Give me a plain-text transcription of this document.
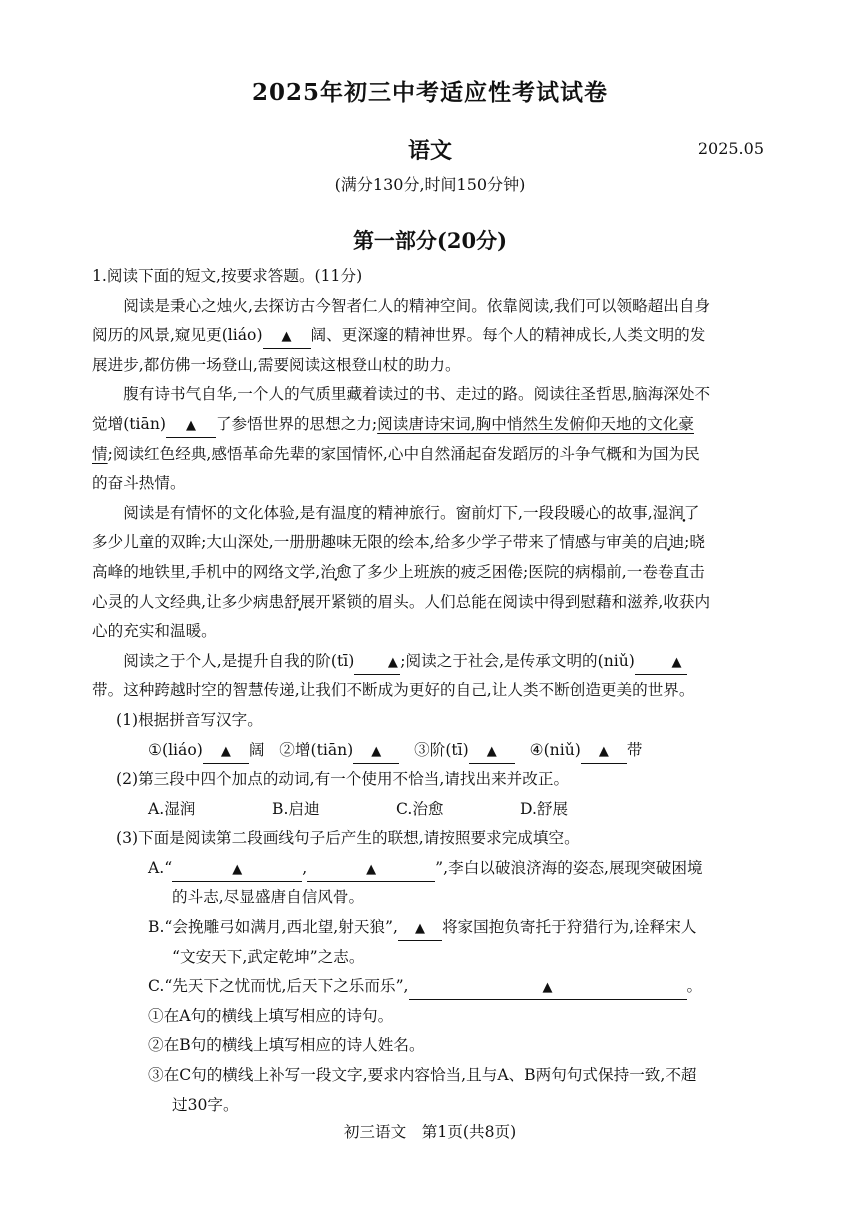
2025年初三中考适应性考试试卷
语文	2025.05
(满分130分,时间150分钟)
第一部分(20分)
1.阅读下面的短文,按要求答题。(11分)
阅读是秉心之烛火,去探访古今智者仁人的精神空间。依靠阅读,我们可以领略超出自身
阅历的风景,窥见更(liáo) ▲ 阔、更深邃的精神世界。每个人的精神成长,人类文明的发
展进步,都仿佛一场登山,需要阅读这根登山杖的助力。
腹有诗书气自华,一个人的气质里藏着读过的书、走过的路。阅读往圣哲思,脑海深处不
觉增(tiān) ▲ 了参悟世界的思想之力;阅读唐诗宋词,胸中悄然生发俯仰天地的文化豪
情;阅读红色经典,感悟革命先辈的家国情怀,心中自然涌起奋发蹈厉的斗争气概和为国为民
的奋斗热情。
阅读是有情怀的文化体验,是有温度的精神旅行。窗前灯下,一段段暖心的故事,湿润了
多少儿童的双眸;大山深处,一册册趣味无限的绘本,给多少学子带来了情感与审美的启迪;晓
高峰的地铁里,手机中的网络文学,治愈了多少上班族的疲乏困倦;医院的病榻前,一卷卷直击
心灵的人文经典,让多少病患舒展开紧锁的眉头。人们总能在阅读中得到慰藉和滋养,收获内
心的充实和温暖。
阅读之于个人,是提升自我的阶(tī)	▲ ;阅读之于社会,是传承文明的(niǔ)	▲
带。这种跨越时空的智慧传递,让我们不断成为更好的自己,让人类不断创造更美的世界。
(1)根据拼音写汉字。
①(liáo) ▲ 阔 ②增(tiān) ▲ ③阶(tī) ▲ ④(niǔ) ▲ 带
(2)第三段中四个加点的动词,有一个使用不恰当,请找出来并改正。
A.湿润	B.启迪	C.治愈	D.舒展
(3)下面是阅读第二段画线句子后产生的联想,请按照要求完成填空。
A.“	▲	,	▲	”,李白以破浪济海的姿态,展现突破困境
的斗志,尽显盛唐自信风骨。
B.“会挽雕弓如满月,西北望,射天狼”, ▲ 将家国抱负寄托于狩猎行为,诠释宋人
“文安天下,武定乾坤”之志。
C.“先天下之忧而忧,后天下之乐而乐”,	▲	。
①在A句的横线上填写相应的诗句。
②在B句的横线上填写相应的诗人姓名。
③在C句的横线上补写一段文字,要求内容恰当,且与A、B两句句式保持一致,不超
过30字。
初三语文　第1页(共8页)
